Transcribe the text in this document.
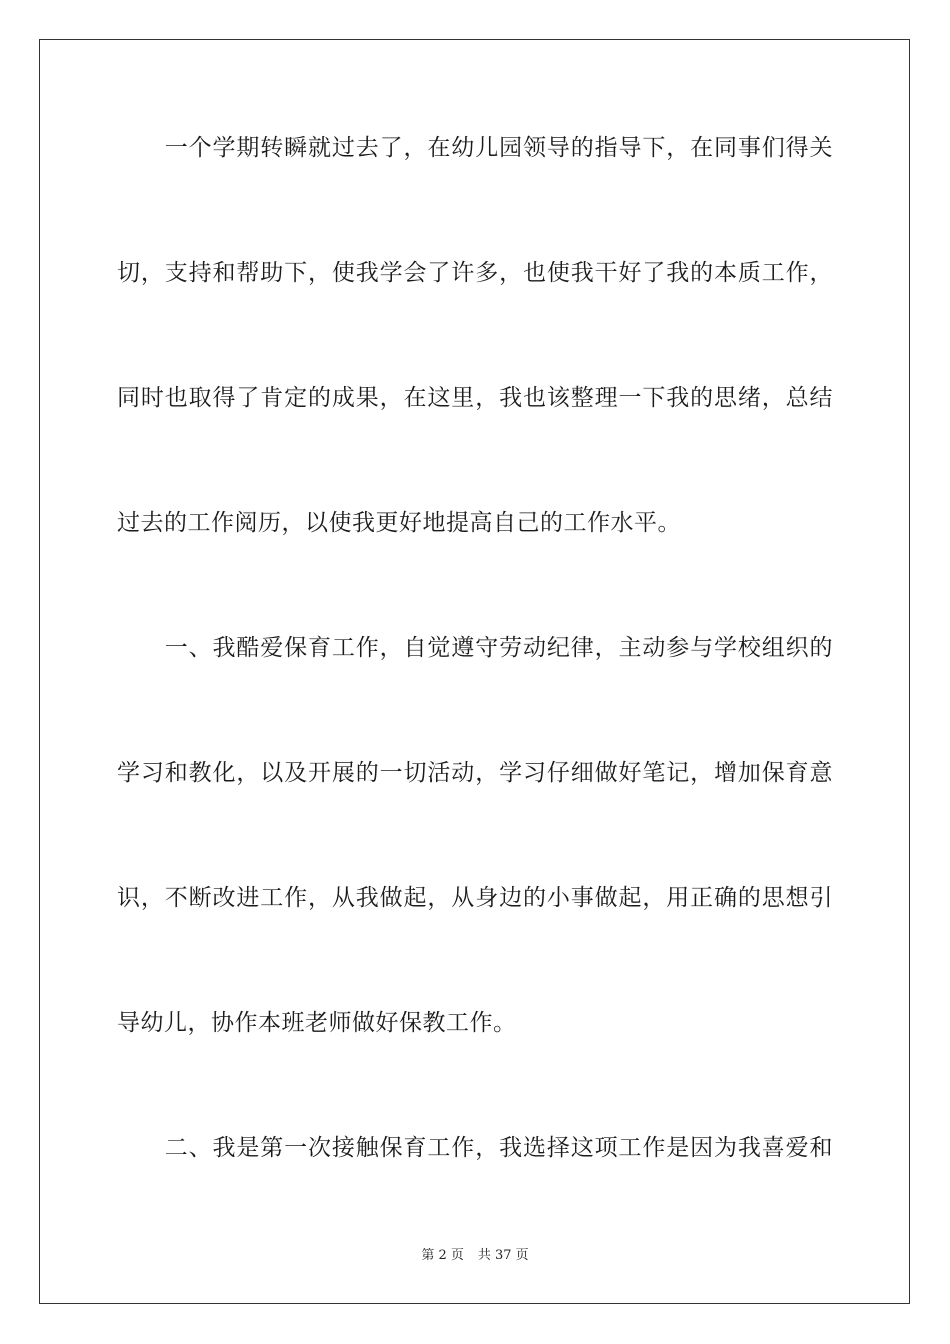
　　一个学期转瞬就过去了，在幼儿园领导的指导下，在同事们得关
切，支持和帮助下，使我学会了许多，也使我干好了我的本质工作，
同时也取得了肯定的成果，在这里，我也该整理一下我的思绪，总结
过去的工作阅历，以使我更好地提高自己的工作水平。
　　一、我酷爱保育工作，自觉遵守劳动纪律，主动参与学校组织的
学习和教化，以及开展的一切活动，学习仔细做好笔记，增加保育意
识，不断改进工作，从我做起，从身边的小事做起，用正确的思想引
导幼儿，协作本班老师做好保教工作。
　　二、我是第一次接触保育工作，我选择这项工作是因为我喜爱和
第 2 页 共 37 页
